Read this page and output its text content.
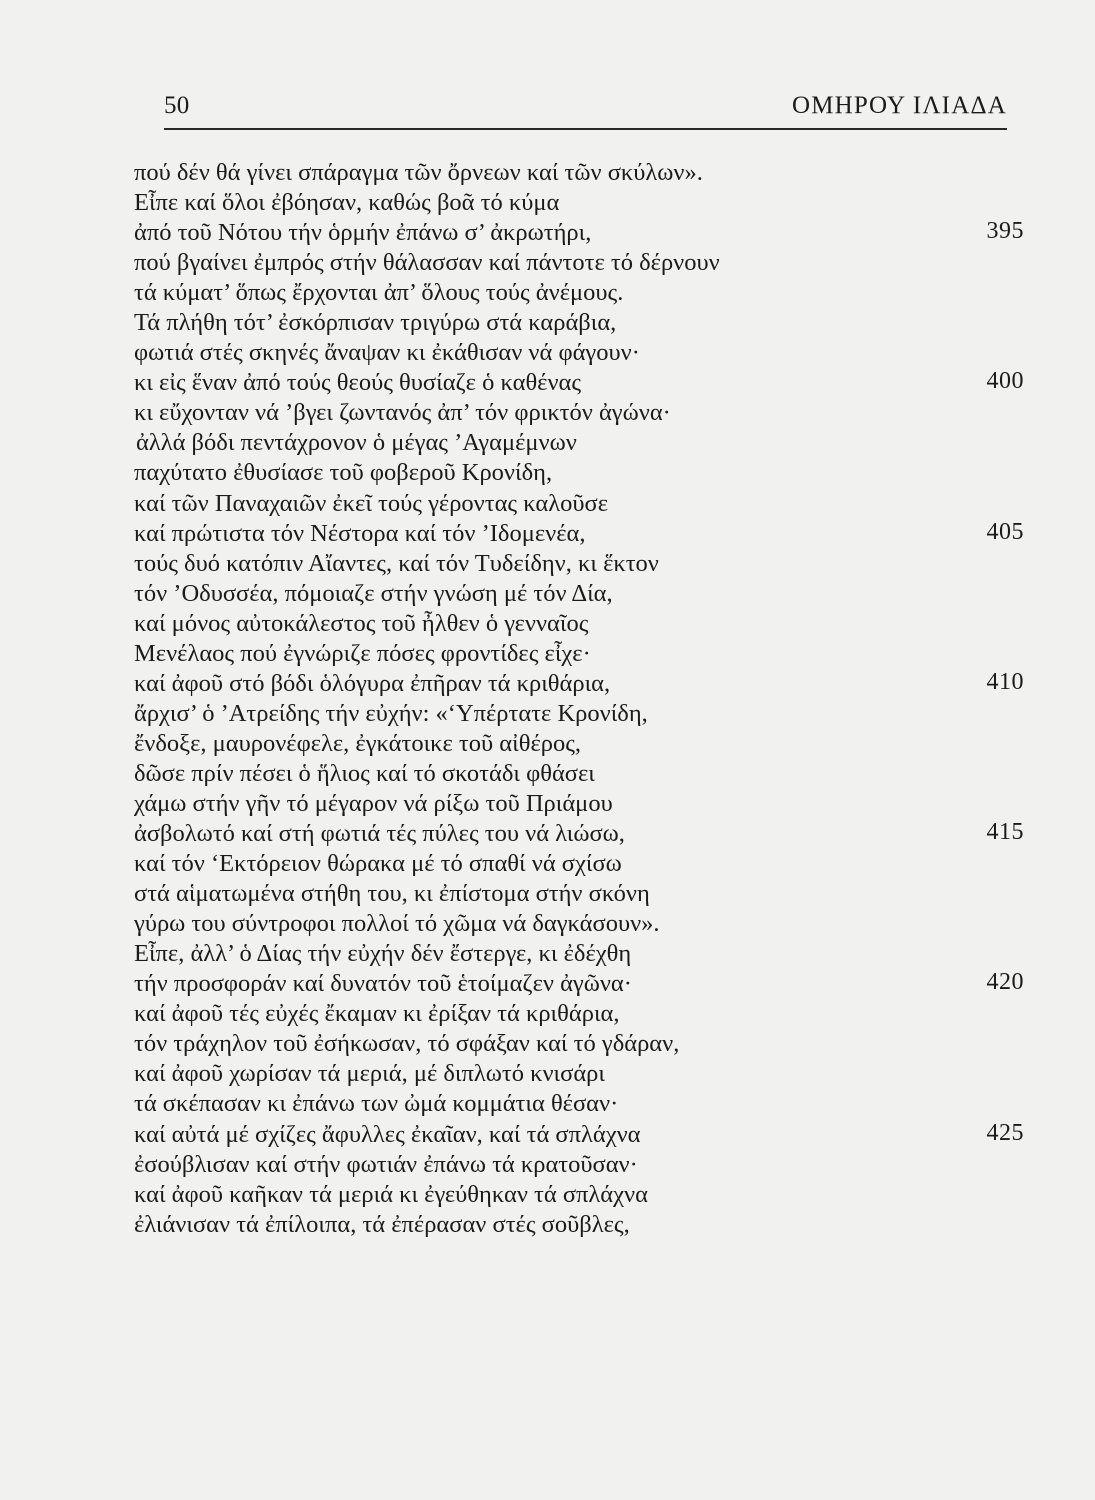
50	ΟΜΗΡΟΥ ΙΛΙΑΔΑ
πού δέν θά γίνει σπάραγμα τῶν ὄρνεων καί τῶν σκύλων».
Εἶπε καί ὅλοι ἐβόησαν, καθώς βοᾶ τό κύμα
ἀπό τοῦ Νότου τήν ὁρμήν ἐπάνω σ’ ἀκρωτήρι,	395
πού βγαίνει ἐμπρός στήν θάλασσαν καί πάντοτε τό δέρνουν
τά κύματ’ ὅπως ἔρχονται ἀπ’ ὅλους τούς ἀνέμους.
Τά πλήθη τότ’ ἐσκόρπισαν τριγύρω στά καράβια,
φωτιά στές σκηνές ἄναψαν κι ἐκάθισαν νά φάγουν·
κι εἰς ἕναν ἀπό τούς θεούς θυσίαζε ὁ καθένας	400
κι εὔχονταν νά ’βγει ζωντανός ἀπ’ τόν φρικτόν ἀγώνα·
ἀλλά βόδι πεντάχρονον ὁ μέγας ’Αγαμέμνων
παχύτατο ἐθυσίασε τοῦ φοβεροῦ Κρονίδη,
καί τῶν Παναχαιῶν ἐκεῖ τούς γέροντας καλοῦσε
καί πρώτιστα τόν Νέστορα καί τόν ’Ιδομενέα,	405
τούς δυό κατόπιν Αἴαντες, καί τόν Τυδείδην, κι ἕκτον
τόν ’Οδυσσέα, πόμοιαζε στήν γνώση μέ τόν Δία,
καί μόνος αὐτοκάλεστος τοῦ ἦλθεν ὁ γενναῖος
Μενέλαος πού ἐγνώριζε πόσες φροντίδες εἶχε·
καί ἀφοῦ στό βόδι ὁλόγυρα ἐπῆραν τά κριθάρια,	410
ἄρχισ’ ὁ ’Ατρείδης τήν εὐχήν: «‘Υπέρτατε Κρονίδη,
ἔνδοξε, μαυρονέφελε, ἐγκάτοικε τοῦ αἰθέρος,
δῶσε πρίν πέσει ὁ ἥλιος καί τό σκοτάδι φθάσει
χάμω στήν γῆν τό μέγαρον νά ρίξω τοῦ Πριάμου
ἀσβολωτό καί στή φωτιά τές πύλες του νά λιώσω,	415
καί τόν ‘Εκτόρειον θώρακα μέ τό σπαθί νά σχίσω
στά αἱματωμένα στήθη του, κι ἐπίστομα στήν σκόνη
γύρω του σύντροφοι πολλοί τό χῶμα νά δαγκάσουν».
Εἶπε, ἀλλ’ ὁ Δίας τήν εὐχήν δέν ἔστεργε, κι ἐδέχθη
τήν προσφοράν καί δυνατόν τοῦ ἑτοίμαζεν ἀγῶνα·	420
καί ἀφοῦ τές εὐχές ἔκαμαν κι ἐρίξαν τά κριθάρια,
τόν τράχηλον τοῦ ἐσήκωσαν, τό σφάξαν καί τό γδάραν,
καί ἀφοῦ χωρίσαν τά μεριά, μέ διπλωτό κνισάρι
τά σκέπασαν κι ἐπάνω των ὠμά κομμάτια θέσαν·
καί αὐτά μέ σχίζες ἄφυλλες ἐκαῖαν, καί τά σπλάχνα	425
ἐσούβλισαν καί στήν φωτιάν ἐπάνω τά κρατοῦσαν·
καί ἀφοῦ καῆκαν τά μεριά κι ἐγεύθηκαν τά σπλάχνα
ἐλιάνισαν τά ἐπίλοιπα, τά ἐπέρασαν στές σοῦβλες,
